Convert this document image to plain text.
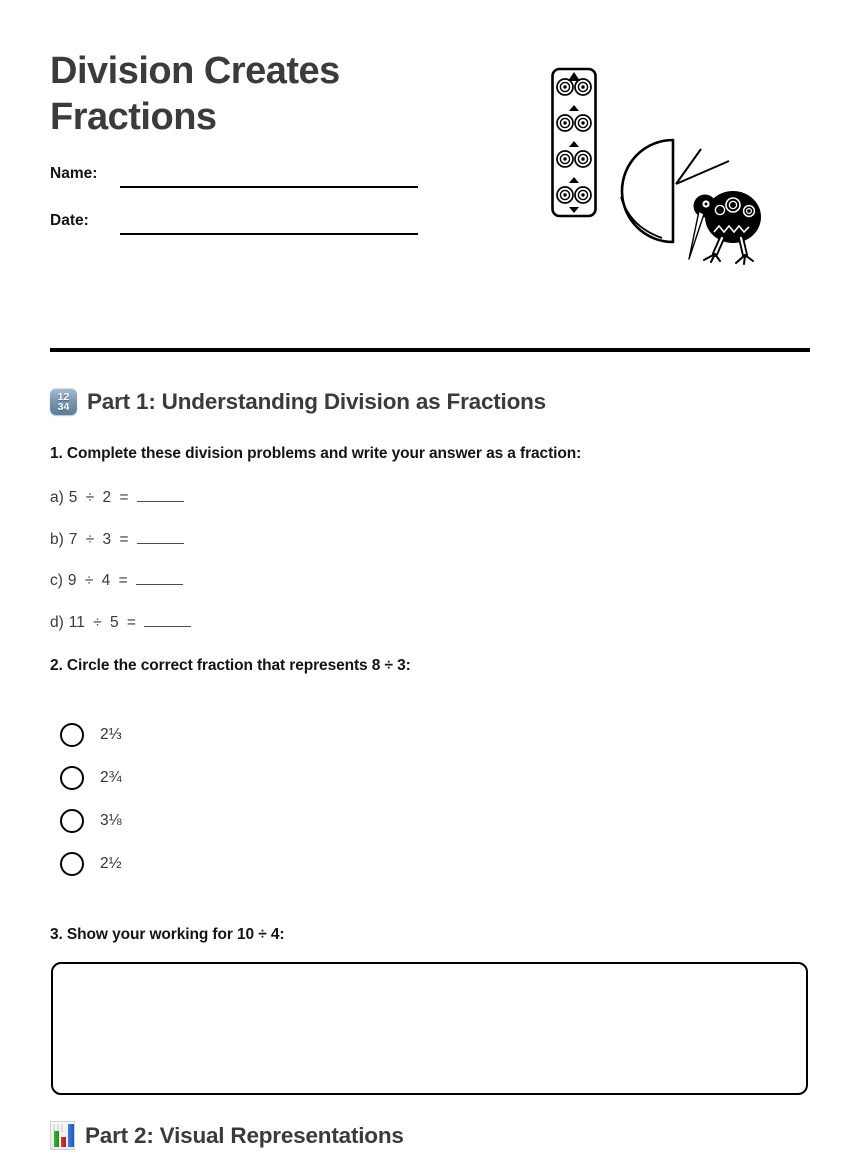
Division Creates Fractions
Name:
Date:
12
34 Part 1: Understanding Division as Fractions
1. Complete these division problems and write your answer as a fraction:
a) 5 ÷ 2 =
b) 7 ÷ 3 =
c) 9 ÷ 4 =
d) 11 ÷ 5 =
2. Circle the correct fraction that represents 8 ÷ 3:
2⅓
2¾
3⅛
2½
3. Show your working for 10 ÷ 4:
Part 2: Visual Representations
